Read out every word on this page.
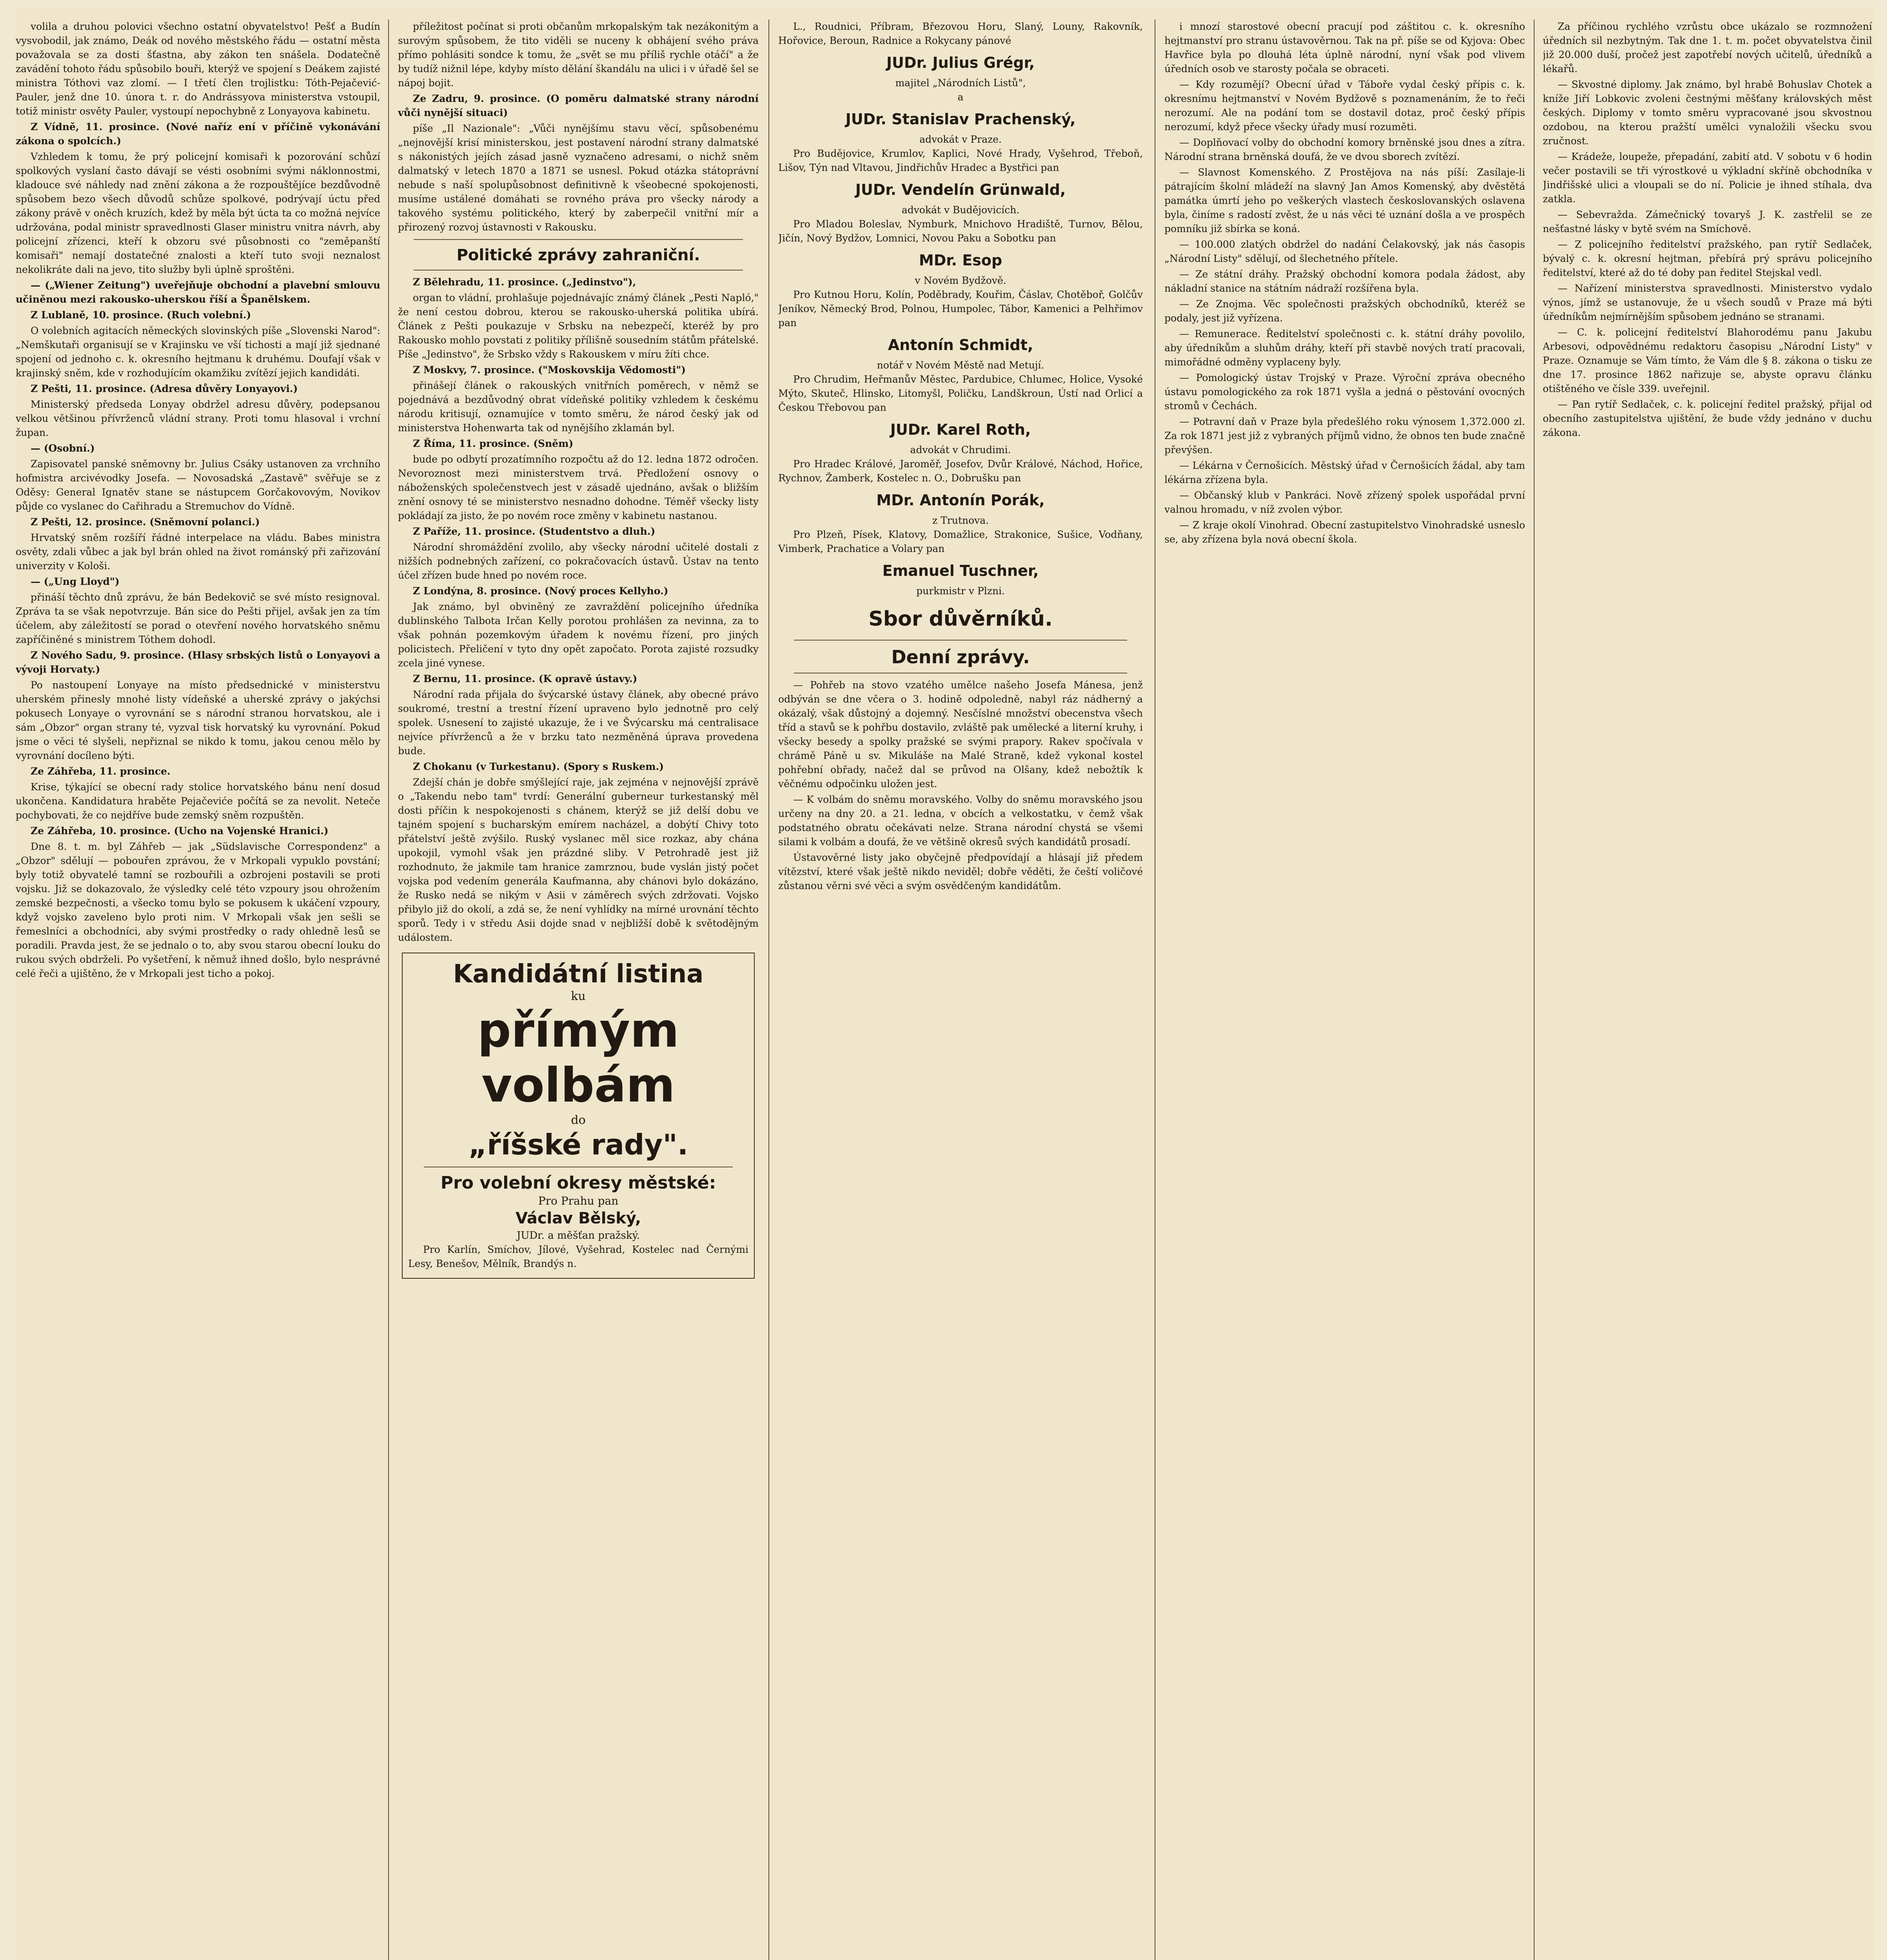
volila a druhou polovici všechno ostatní obyvatelstvo! Pešť a Budín vysvobodil, jak známo, Deák od nového městského řádu — ostatní města považovala se za dosti šťastna, aby zákon ten snášela. Dodatečně zavádění tohoto řádu spůsobilo bouři, kterýž ve spojení s Deákem zajisté ministra Tóthovi vaz zlomí. — I třetí člen trojlistku: Tóth-Pejačević-Pauler, jenž dne 10. února t. r. do Andrássyova ministerstva vstoupil, totiž ministr osvěty Pauler, vystoupí nepochybně z Lonyayova kabinetu.

Z Vídně, 11. prosince. (Nové naříz ení v příčině vykonávání zákona o spolcích.)

Vzhledem k tomu, že prý policejní komisaři k pozorování schůzí spolkových vyslaní často dávají se vésti osobními svými náklonnostmi, kladouce své náhledy nad znění zákona a že rozpouštějíce bezdůvodně spůsobem bezo všech důvodů schůze spolkové, podrývají úctu před zákony právě v oněch kruzích, kdež by měla být úcta ta co možná nejvíce udržována, podal ministr spravedlnosti Glaser ministru vnitra návrh, aby policejní zřízenci, kteří k obzoru své působnosti co "zeměpanští komisaři" nemají dostatečné znalosti a kteří tuto svoji neznalost nekolikráte dali na jevo, tito služby byli úplně sproštěni.

— („Wiener Zeitung") uveřejňuje obchodní a plavební smlouvu učiněnou mezi rakousko-uherskou říší a Španělskem.

Z Lublaně, 10. prosince. (Ruch volební.)

O volebních agitacích německých slovinských píše „Slovenski Narod": „Nemškutaři organisují se v Krajinsku ve vší tichosti a mají již sjednané spojení od jednoho c. k. okresního hejtmanu k druhému. Doufají však v krajinský sněm, kde v rozhodujícím okamžiku zvítězí jejich kandidáti.

Z Pešti, 11. prosince. (Adresa důvěry Lonyayovi.)

Ministerský předseda Lonyay obdržel adresu důvěry, podepsanou velkou většinou přívrženců vládní strany. Proti tomu hlasoval i vrchní župan.

— (Osobní.)

Zapisovatel panské sněmovny br. Julius Csáky ustanoven za vrchního hofmistra arcivévodky Josefa. — Novosadská „Zastavě" svěřuje se z Oděsy: General Ignatěv stane se nástupcem Gorčakovovým, Novikov půjde co vyslanec do Cařihradu a Stremuchov do Vídně.

Z Pešti, 12. prosince. (Sněmovní polanci.)

Hrvatský sněm rozšíří řádné interpelace na vládu. Babes ministra osvěty, zdali vůbec a jak byl brán ohled na život románský při zařizování univerzity v Kološi.

— („Ung Lloyd")

přináší těchto dnů zprávu, že bán Bedekovič se své místo resignoval. Zpráva ta se však nepotvrzuje. Bán sice do Pešti přijel, avšak jen za tím účelem, aby záležitostí se porad o otevření nového horvatského sněmu zapříčiněné s ministrem Tóthem dohodl.

Z Nového Sadu, 9. prosince. (Hlasy srbských listů o Lonyayovi a vývoji Horvaty.)

Po nastoupení Lonyaye na místo předsednické v ministerstvu uherském přinesly mnohé listy vídeňské a uherské zprávy o jakýchsi pokusech Lonyaye o vyrovnání se s národní stranou horvatskou, ale i sám „Obzor" organ strany té, vyzval tisk horvatský ku vyrovnání. Pokud jsme o věci té slyšeli, nepřiznal se nikdo k tomu, jakou cenou mělo by vyrovnání docíleno býti.

Ze Záhřeba, 11. prosince.

Krise, týkající se obecní rady stolice horvatského bánu není dosud ukončena. Kandidatura hraběte Pejačeviće počítá se za nevolit. Neteče pochybovati, že co nejdříve bude zemský sněm rozpuštěn.

Ze Záhřeba, 10. prosince. (Ucho na Vojenské Hranici.)

Dne 8. t. m. byl Záhřeb — jak „Südslavische Correspondenz" a „Obzor" sdělují — pobouřen zprávou, že v Mrkopali vypuklo povstání; byly totiž obyvatelé tamní se rozbouřili a ozbrojeni postavili se proti vojsku. Již se dokazovalo, že výsledky celé této vzpoury jsou ohrožením zemské bezpečnosti, a všecko tomu bylo se pokusem k ukáčení vzpoury, když vojsko zaveleno bylo proti nim. V Mrkopali však jen sešli se řemeslníci a obchodníci, aby svými prostředky o rady ohledně lesů se poradili. Pravda jest, že se jednalo o to, aby svou starou obecní louku do rukou svých obdrželi. Po vyšetření, k němuž ihned došlo, bylo nesprávné celé řeči a ujištěno, že v Mrkopali jest ticho a pokoj.

příležitost počínat si proti občanům mrkopalským tak nezákonitým a surovým spůsobem, že tito viděli se nuceny k obhájení svého práva přímo pohlásiti sondce k tomu, že „svět se mu příliš rychle otáčí" a že by tudíž nižnil lépe, kdyby místo dělání škandálu na ulici i v úřadě šel se nápoj bojit.

Ze Zadru, 9. prosince. (O poměru dalmatské strany národní vůči nynější situaci)

píše „Il Nazionale": „Vůči nynějšímu stavu věcí, spůsobenému „nejnovější krisí ministerskou, jest postavení národní strany dalmatské s nákonistých jejích zásad jasně vyznačeno adresami, o nichž sněm dalmatský v letech 1870 a 1871 se usnesl. Pokud otázka státoprávní nebude s naší spolupůsobnost definitivně k všeobecné spokojenosti, musíme ustálené domáhati se rovného práva pro všecky národy a takového systému politického, který by zaberpečil vnitřní mír a přirozený rozvoj ústavnosti v Rakousku.

Politické zprávy zahraniční.

Z Bělehradu, 11. prosince. („Jedinstvo"),

organ to vládní, prohlašuje pojednávajíc známý článek „Pesti Napló," že není cestou dobrou, kterou se rakousko-uherská politika ubírá. Článek z Pešti poukazuje v Srbsku na nebezpečí, kteréž by pro Rakousko mohlo povstati z politiky přílišně sousedním státům přátelské. Píše „Jedinstvo", že Srbsko vždy s Rakouskem v míru žíti chce.

Z Moskvy, 7. prosince. ("Moskovskija Vědomosti")

přinášejí článek o rakouských vnitřních poměrech, v němž se pojednává a bezdůvodný obrat vídeňské politiky vzhledem k českému národu kritisují, oznamujíce v tomto směru, že národ český jak od ministerstva Hohenwarta tak od nynějšího zklamán byl.

Z Říma, 11. prosince. (Sněm)

bude po odbytí prozatímního rozpočtu až do 12. ledna 1872 odročen. Nevoroznost mezi ministerstvem trvá. Předložení osnovy o náboženských společenstvech jest v zásadě ujednáno, avšak o bližším znění osnovy té se ministerstvo nesnadno dohodne. Téměř všecky listy pokládají za jisto, že po novém roce změny v kabinetu nastanou.

Z Paříže, 11. prosince. (Studentstvo a dluh.)

Národní shromáždění zvolilo, aby všecky národní učitelé dostali z nižších podnebných zařízení, co pokračovacích ústavů. Ústav na tento účel zřízen bude hned po novém roce.

Z Londýna, 8. prosince. (Nový proces Kellyho.)

Jak známo, byl obviněný ze zavraždění policejního úředníka dublinského Talbota Irčan Kelly porotou prohlášen za nevinna, za to však pohnán pozemkovým úřadem k novému řízení, pro jiných policistech. Přeličení v tyto dny opět započato. Porota zajisté rozsudky zcela jiné vynese.

Z Bernu, 11. prosince. (K opravě ústavy.)

Národní rada přijala do švýcarské ústavy článek, aby obecné právo soukromé, trestní a trestní řízení upraveno bylo jednotně pro celý spolek. Usnesení to zajisté ukazuje, že i ve Švýcarsku má centralisace nejvíce přívrženců a že v brzku tato nezměněná úprava provedena bude.

Z Chokanu (v Turkestanu). (Spory s Ruskem.)

Zdejší chán je dobře smýšlející raje, jak zejména v nejnovější zprávě o „Takendu nebo tam" tvrdí: Generální guberneur turkestanský měl dosti příčin k nespokojenosti s chánem, kterýž se již delší dobu ve tajném spojení s bucharským emírem nacházel, a dobýtí Chivy toto přátelství ještě zvýšilo. Ruský vyslanec měl sice rozkaz, aby chána upokojil, vymohl však jen prázdné sliby. V Petrohradě jest již rozhodnuto, že jakmile tam hranice zamrznou, bude vyslán jistý počet vojska pod vedením generála Kaufmanna, aby chánovi bylo dokázáno, že Rusko nedá se nikým v Asii v záměrech svých zdržovati. Vojsko přibylo již do okolí, a zdá se, že není vyhlídky na mírné urovnání těchto sporů. Tedy i v středu Asii dojde snad v nejbližší době k světodějným událostem.

Kandidátní listina
ku
přímým volbám
do
„říšské rady".
Pro volební okresy městské:
Pro Prahu pan
Václav Bělský,
JUDr. a měšťan pražský.

Pro Karlín, Smíchov, Jílové, Vyšehrad, Kostelec nad Černými Lesy, Benešov, Mělník, Brandýs n.

L., Roudnici, Příbram, Březovou Horu, Slaný, Louny, Rakovník, Hořovice, Beroun, Radnice a Rokycany pánové

JUDr. Julius Grégr,
majitel „Národních Listů",
a
JUDr. Stanislav Prachenský,
advokát v Praze.

Pro Budějovice, Krumlov, Kaplici, Nové Hrady, Vyšehrod, Třeboň, Lišov, Týn nad Vltavou, Jindřichův Hradec a Bystřici pan

JUDr. Vendelín Grünwald,
advokát v Budějovicích.

Pro Mladou Boleslav, Nymburk, Mnichovo Hradiště, Turnov, Bělou, Jičín, Nový Bydžov, Lomnici, Novou Paku a Sobotku pan

MDr. Esop
v Novém Bydžově.

Pro Kutnou Horu, Kolín, Poděbrady, Kouřim, Čáslav, Chotěboř, Golčův Jeníkov, Německý Brod, Polnou, Humpolec, Tábor, Kamenici a Pelhřimov pan

Antonín Schmidt,
notář v Novém Městě nad Metují.

Pro Chrudim, Heřmanův Městec, Pardubice, Chlumec, Holice, Vysoké Mýto, Skuteč, Hlinsko, Litomyšl, Poličku, Landškroun, Ústí nad Orlicí a Českou Třebovou pan

JUDr. Karel Roth,
advokát v Chrudimi.

Pro Hradec Králové, Jaroměř, Josefov, Dvůr Králové, Náchod, Hořice, Rychnov, Žamberk, Kostelec n. O., Dobrušku pan

MDr. Antonín Porák,
z Trutnova.

Pro Plzeň, Písek, Klatovy, Domažlice, Strakonice, Sušice, Vodňany, Vimberk, Prachatice a Volary pan

Emanuel Tuschner,
purkmistr v Plzni.
Sbor důvěrníků.
Denní zprávy.

— Pohřeb na stovo vzatého umělce našeho Josefa Mánesa, jenž odbýván se dne včera o 3. hodině odpoledně, nabyl ráz nádherný a okázalý, však důstojný a dojemný. Nesčíslné množství obecenstva všech tříd a stavů se k pohřbu dostavilo, zvláště pak umělecké a literní kruhy, i všecky besedy a spolky pražské se svými prapory. Rakev spočívala v chrámě Páně u sv. Mikuláše na Malé Straně, kdež vykonal kostel pohřební obřady, načež dal se průvod na Olšany, kdež nebožtík k věčnému odpočinku uložen jest.

— K volbám do sněmu moravského. Volby do sněmu moravského jsou určeny na dny 20. a 21. ledna, v obcích a velkostatku, v čemž však podstatného obratu očekávati nelze. Strana národní chystá se všemi silami k volbám a doufá, že ve většině okresů svých kandidátů prosadí.

Ústavověrné listy jako obyčejně předpovídají a hlásají již předem vítězství, které však ještě nikdo neviděl; dobře věděti, že čeští voličové zůstanou věrni své věci a svým osvědčeným kandidátům.

i mnozí starostové obecní pracují pod záštitou c. k. okresního hejtmanství pro stranu ústavověrnou. Tak na př. píše se od Kyjova: Obec Havřice byla po dlouhá léta úplně národní, nyní však pod vlivem úředních osob ve starosty počala se obraceti.

— Kdy rozumějí? Obecní úřad v Táboře vydal český přípis c. k. okresnímu hejtmanství v Novém Bydžově s poznamenáním, že to řeči nerozumí. Ale na podání tom se dostavil dotaz, proč český přípis nerozumí, když přece všecky úřady musí rozuměti.

— Doplňovací volby do obchodní komory brněnské jsou dnes a zítra. Národní strana brněnská doufá, že ve dvou sborech zvítězí.

— Slavnost Komenského. Z Prostějova na nás píší: Zasílaje-li pátrajícím školní mládeží na slavný Jan Amos Komenský, aby dvěstětá památka úmrtí jeho po veškerých vlastech českoslovanských oslavena byla, činíme s radostí zvěst, že u nás věci té uznání došla a ve prospěch pomníku již sbírka se koná.

— 100.000 zlatých obdržel do nadání Čelakovský, jak nás časopis „Národní Listy" sdělují, od šlechetného přítele.

— Ze státní dráhy. Pražský obchodní komora podala žádost, aby nákladní stanice na státním nádraží rozšířena byla.

— Ze Znojma. Věc společnosti pražských obchodníků, kteréž se podaly, jest již vyřízena.

— Remunerace. Ředitelství společnosti c. k. státní dráhy povolilo, aby úředníkům a sluhům dráhy, kteří při stavbě nových tratí pracovali, mimořádné odměny vyplaceny byly.

— Pomologický ústav Trojský v Praze. Výroční zpráva obecného ústavu pomologického za rok 1871 vyšla a jedná o pěstování ovocných stromů v Čechách.

— Potravní daň v Praze byla předešlého roku výnosem 1,372.000 zl. Za rok 1871 jest již z vybraných příjmů vidno, že obnos ten bude značně převýšen.

— Lékárna v Černošicích. Městský úřad v Černošicích žádal, aby tam lékárna zřízena byla.

— Občanský klub v Pankráci. Nově zřízený spolek uspořádal první valnou hromadu, v níž zvolen výbor.

— Z kraje okolí Vinohrad. Obecní zastupitelstvo Vinohradské usneslo se, aby zřízena byla nová obecní škola.

Za příčinou rychlého vzrůstu obce ukázalo se rozmnožení úředních sil nezbytným. Tak dne 1. t. m. počet obyvatelstva činil již 20.000 duší, pročež jest zapotřebí nových učitelů, úředníků a lékařů.

— Skvostné diplomy. Jak známo, byl hrabě Bohuslav Chotek a kníže Jiří Lobkovic zvoleni čestnými měšťany královských měst českých. Diplomy v tomto směru vypracované jsou skvostnou ozdobou, na kterou pražští umělci vynaložili všecku svou zručnost.

— Krádeže, loupeže, přepadání, zabití atd. V sobotu v 6 hodin večer postavili se tři výrostkové u výkladní skříně obchodníka v Jindřišské ulici a vloupali se do ní. Policie je ihned stíhala, dva zatkla.

— Sebevražda. Zámečnický tovaryš J. K. zastřelil se ze nešťastné lásky v bytě svém na Smíchově.

— Z policejního ředitelství pražského, pan rytíř Sedlaček, bývalý c. k. okresní hejtman, přebírá prý správu policejního ředitelství, které až do té doby pan ředitel Stejskal vedl.

— Nařízení ministerstva spravedlnosti. Ministerstvo vydalo výnos, jímž se ustanovuje, že u všech soudů v Praze má býti úředníkům nejmírnějším spůsobem jednáno se stranami.

— C. k. policejní ředitelství Blahorodému panu Jakubu Arbesovi, odpovědnému redaktoru časopisu „Národní Listy" v Praze. Oznamuje se Vám tímto, že Vám dle § 8. zákona o tisku ze dne 17. prosince 1862 nařizuje se, abyste opravu článku otištěného ve čísle 339. uveřejnil.

— Pan rytíř Sedlaček, c. k. policejní ředitel pražský, přijal od obecního zastupitelstva ujištění, že bude vždy jednáno v duchu zákona.
